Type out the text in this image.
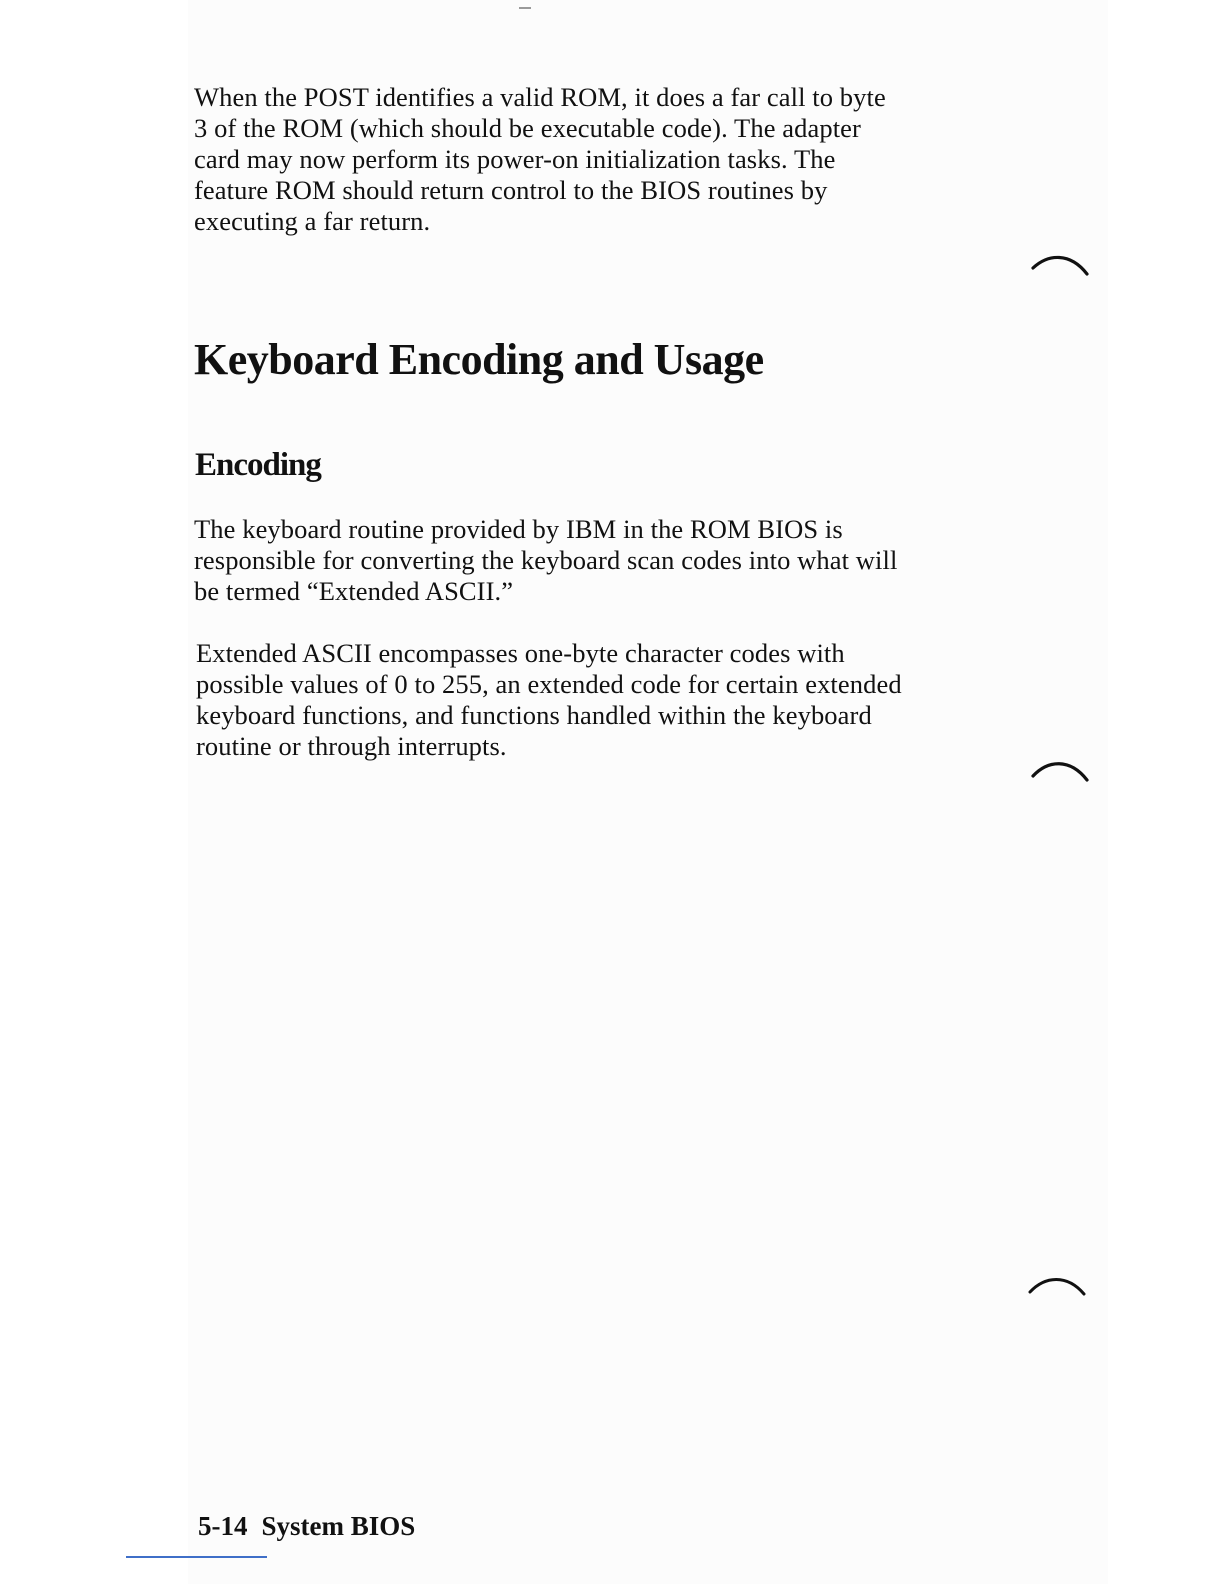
When the POST identifies a valid ROM, it does a far call to byte
3 of the ROM (which should be executable code). The adapter
card may now perform its power-on initialization tasks. The
feature ROM should return control to the BIOS routines by
executing a far return.
Keyboard Encoding and Usage
Encoding
The keyboard routine provided by IBM in the ROM BIOS is
responsible for converting the keyboard scan codes into what will
be termed “Extended ASCII.”
Extended ASCII encompasses one-byte character codes with
possible values of 0 to 255, an extended code for certain extended
keyboard functions, and functions handled within the keyboard
routine or through interrupts.
5-14 System BIOS
